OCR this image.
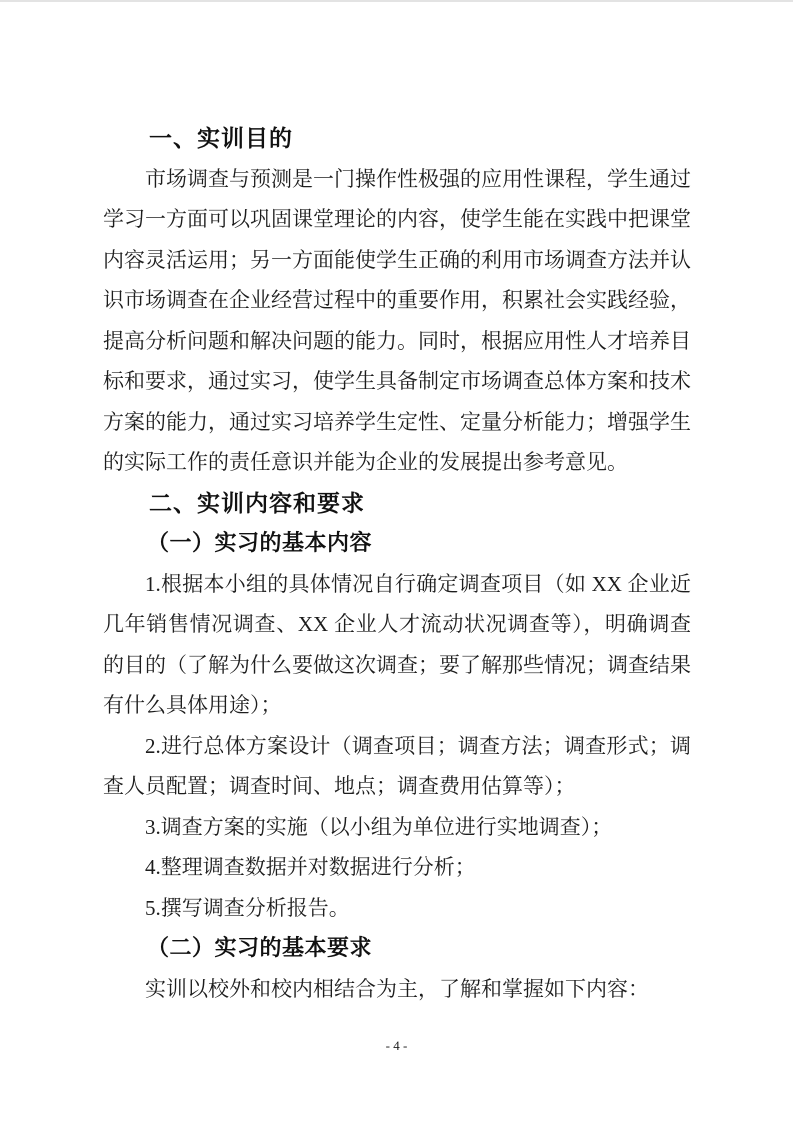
一、实训目的

市场调查与预测是一门操作性极强的应用性课程，学生通过学习一方面可以巩固课堂理论的内容，使学生能在实践中把课堂内容灵活运用；另一方面能使学生正确的利用市场调查方法并认识市场调查在企业经营过程中的重要作用，积累社会实践经验，提高分析问题和解决问题的能力。同时，根据应用性人才培养目标和要求，通过实习，使学生具备制定市场调查总体方案和技术方案的能力，通过实习培养学生定性、定量分析能力；增强学生的实际工作的责任意识并能为企业的发展提出参考意见。

二、实训内容和要求
（一）实习的基本内容

1.根据本小组的具体情况自行确定调查项目（如 XX 企业近几年销售情况调查、XX 企业人才流动状况调查等），明确调查的目的（了解为什么要做这次调查；要了解那些情况；调查结果有什么具体用途）；

2.进行总体方案设计（调查项目；调查方法；调查形式；调查人员配置；调查时间、地点；调查费用估算等）；

3.调查方案的实施（以小组为单位进行实地调查）；

4.整理调查数据并对数据进行分析；

5.撰写调查分析报告。

（二）实习的基本要求

实训以校外和校内相结合为主，了解和掌握如下内容：

- 4 -
